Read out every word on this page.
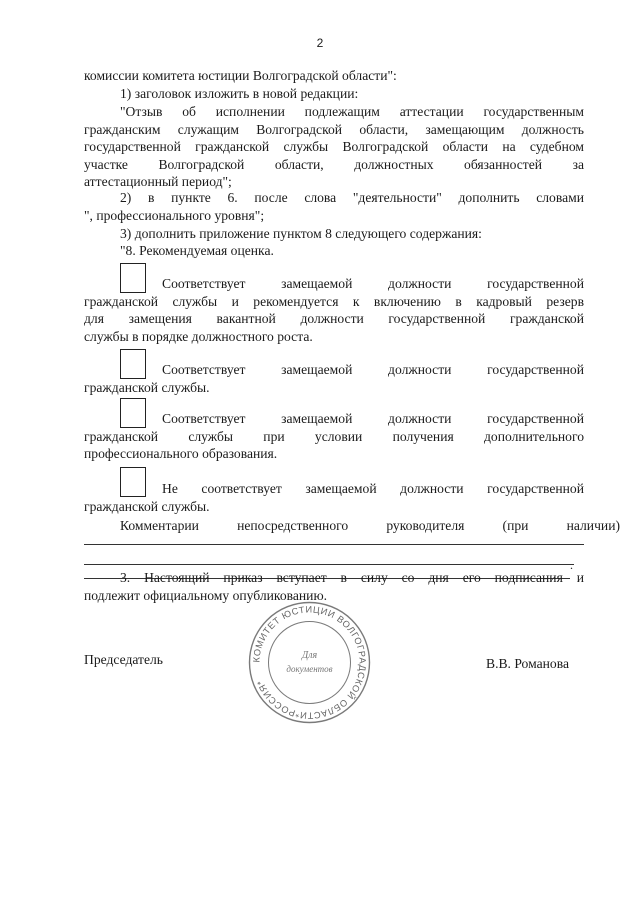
2
комиссии комитета юстиции Волгоградской области":
1) заголовок изложить в новой редакции:
"Отзыв об исполнении подлежащим аттестации государственным
гражданским служащим Волгоградской области, замещающим должность
государственной гражданской службы Волгоградской области на судебном
участке Волгоградской области, должностных обязанностей за
аттестационный период";
2) в пункте 6. после слова "деятельности" дополнить словами
", профессионального уровня";
3) дополнить приложение пунктом 8 следующего содержания:
"8. Рекомендуемая оценка.
Соответствует замещаемой должности государственной
гражданской службы и рекомендуется к включению в кадровый резерв
для замещения вакантной должности государственной гражданской
службы в порядке должностного роста.
Соответствует замещаемой должности государственной
гражданской службы.
Соответствует замещаемой должности государственной
гражданской службы при условии получения дополнительного
профессионального образования.
Не соответствует замещаемой должности государственной
гражданской службы.
Комментарии непосредственного руководителя (при наличии)
.
3. Настоящий приказ вступает в силу со дня его подписания и
подлежит официальному опубликованию.
Председатель	В.В. Романова
КОМИТЕТ ЮСТИЦИИ ВОЛГОГРАДСКОЙ ОБЛАСТИ*РОССИЯ*
Для
документов
